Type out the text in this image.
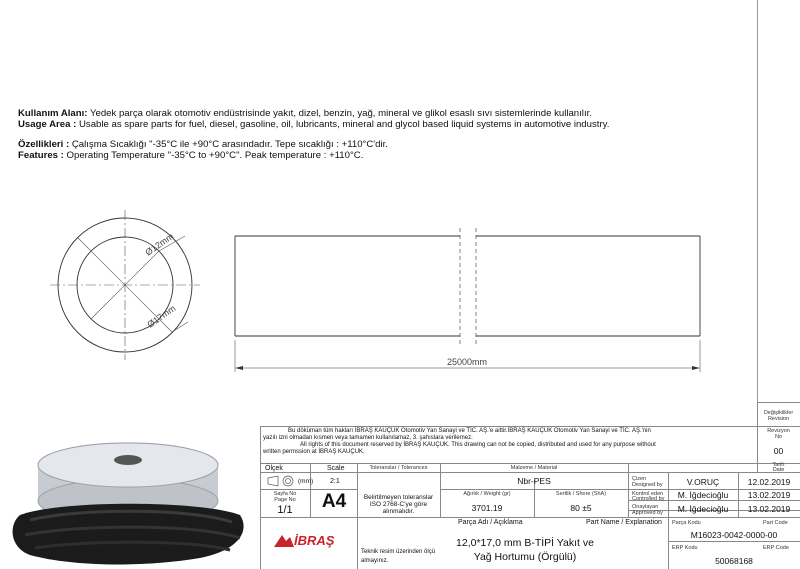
Kullanım Alanı: Yedek parça olarak otomotiv endüstrisinde yakıt, dizel, benzin, yağ, mineral ve glikol esaslı sıvı sistemlerinde kullanılır.
Usage Area : Usable as spare parts for fuel, diesel, gasoline, oil, lubricants, mineral and glycol based liquid systems in automotive industry.
Özellikleri : Çalışma Sıcaklığı "-35°C ile +90°C arasındadır. Tepe sıcaklığı : +110°C'dir.
Features : Operating Temperature "-35°C to +90°C". Peak temperature : +110°C.
Ø12mm
Ø17mm
25000mm
Değişiklikler
Revision
Revizyon
No
00
Tarih
Date
Bu döküman tüm hakları İBRAŞ KAUÇUK Otomotiv Yan Sanayi ve TİC. AŞ.'e aittir.İBRAŞ KAUÇUK Otomotiv Yan Sanayi ve TİC. AŞ.'nin
yazılı izni olmadan kısmen veya tamamen kullanılamaz, 3. şahıslara verilemez.
All rights of this document reserved by İBRAŞ KAUÇUK. This drawing can not be copied, distributed and used for any purpose without
written permssion at İBRAŞ KAUÇUK.
Ölçek	Scale
(mm) 2:1
Sayfa No
Page No
1/1	A4
Toleranslar / Tolerances
Belirtilmeyen toleranslar
ISO 2768-C'ye göre
alınmalıdır.
Malzeme / Material
Nbr-PES
Ağırlık / Weight (gr)
3701.19
Sertlik / Shore (ShA)
80 ±5
Çizen
Designed by	V.ORUÇ	12.02.2019
Kontrol eden
Controlled by	M. İğdecioğlu	13.02.2019
Onaylayan
Approved by	M. İğdecioğlu	13.02.2019
İBRAŞ
Parça Adı / Açıklama	Part Name / Explanation
12,0*17,0 mm B-TİPİ Yakıt ve
Yağ Hortumu (Örgülü)
Parça Kodu	Part Code
M16023-0042-0000-00
ERP Kodu	ERP Code
50068168
Teknik resim üzerinden ölçü
almayınız.
